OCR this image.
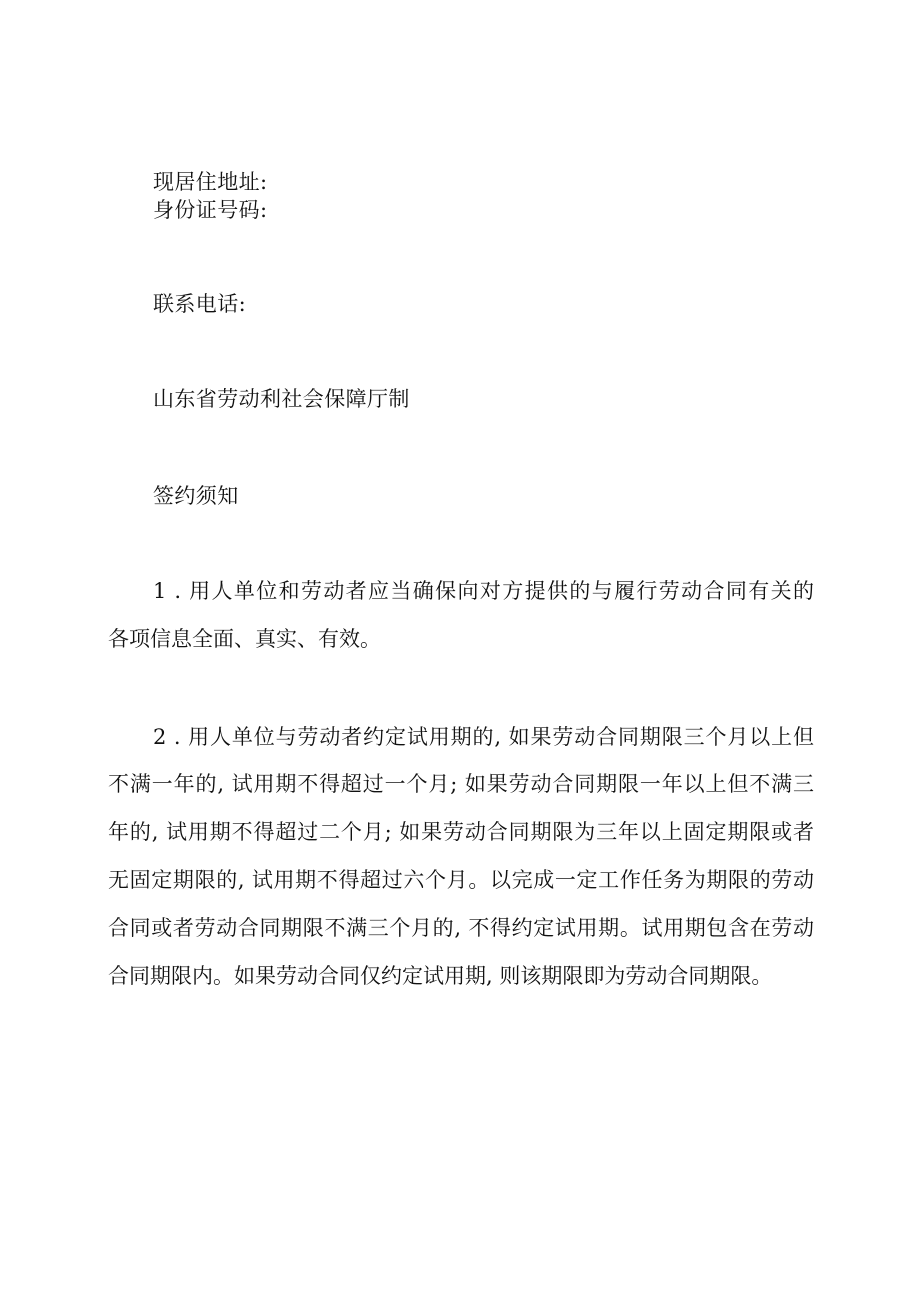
现居住地址:
身份证号码:
联系电话:
山东省劳动利社会保障厅制
签约须知
1 . 用人单位和劳动者应当确保向对方提供的与履行劳动合同有关的
各项信息全面、真实、有效。
2 . 用人单位与劳动者约定试用期的, 如果劳动合同期限三个月以上但
不满一年的, 试用期不得超过一个月; 如果劳动合同期限一年以上但不满三
年的, 试用期不得超过二个月; 如果劳动合同期限为三年以上固定期限或者
无固定期限的, 试用期不得超过六个月。以完成一定工作任务为期限的劳动
合同或者劳动合同期限不满三个月的, 不得约定试用期。试用期包含在劳动
合同期限内。如果劳动合同仅约定试用期, 则该期限即为劳动合同期限。
